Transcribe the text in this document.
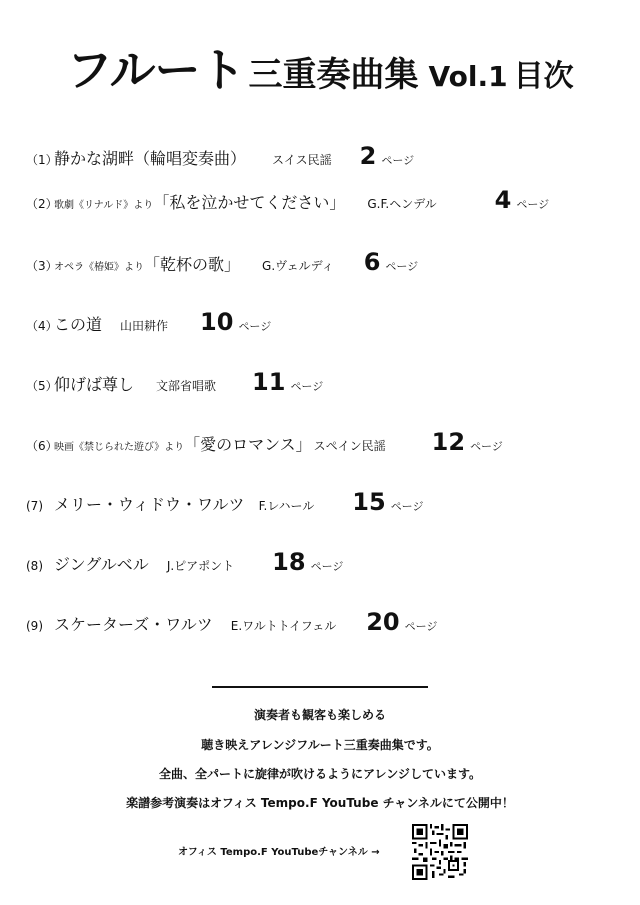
フルート 三重奏曲集 Vol.1 目次
（1）
静かな湖畔（輪唱変奏曲） スイス民謡 2 ページ
（2）
歌劇《リナルド》より 「私を泣かせてください」 G.F.ヘンデル 4 ページ
（3）
オペラ《椿姫》より 「乾杯の歌」 G.ヴェルディ 6 ページ
（4）
この道 山田耕作 10 ページ
（5）
仰げば尊し 文部省唱歌 11 ページ
（6）
映画《禁じられた遊び》より 「愛のロマンス」 スペイン民謡 12 ページ
(7) メリー・ウィドウ・ワルツ F.レハール 15 ページ
(8) ジングルベル J.ピアポント 18 ページ
(9) スケーターズ・ワルツ E.ワルトトイフェル 20 ページ
演奏者も観客も楽しめる
聴き映えアレンジフルート三重奏曲集です。
全曲、全パートに旋律が吹けるようにアレンジしています。
楽譜参考演奏はオフィス Tempo.F YouTube チャンネルにて公開中！
オフィス Tempo.F YouTubeチャンネル →
